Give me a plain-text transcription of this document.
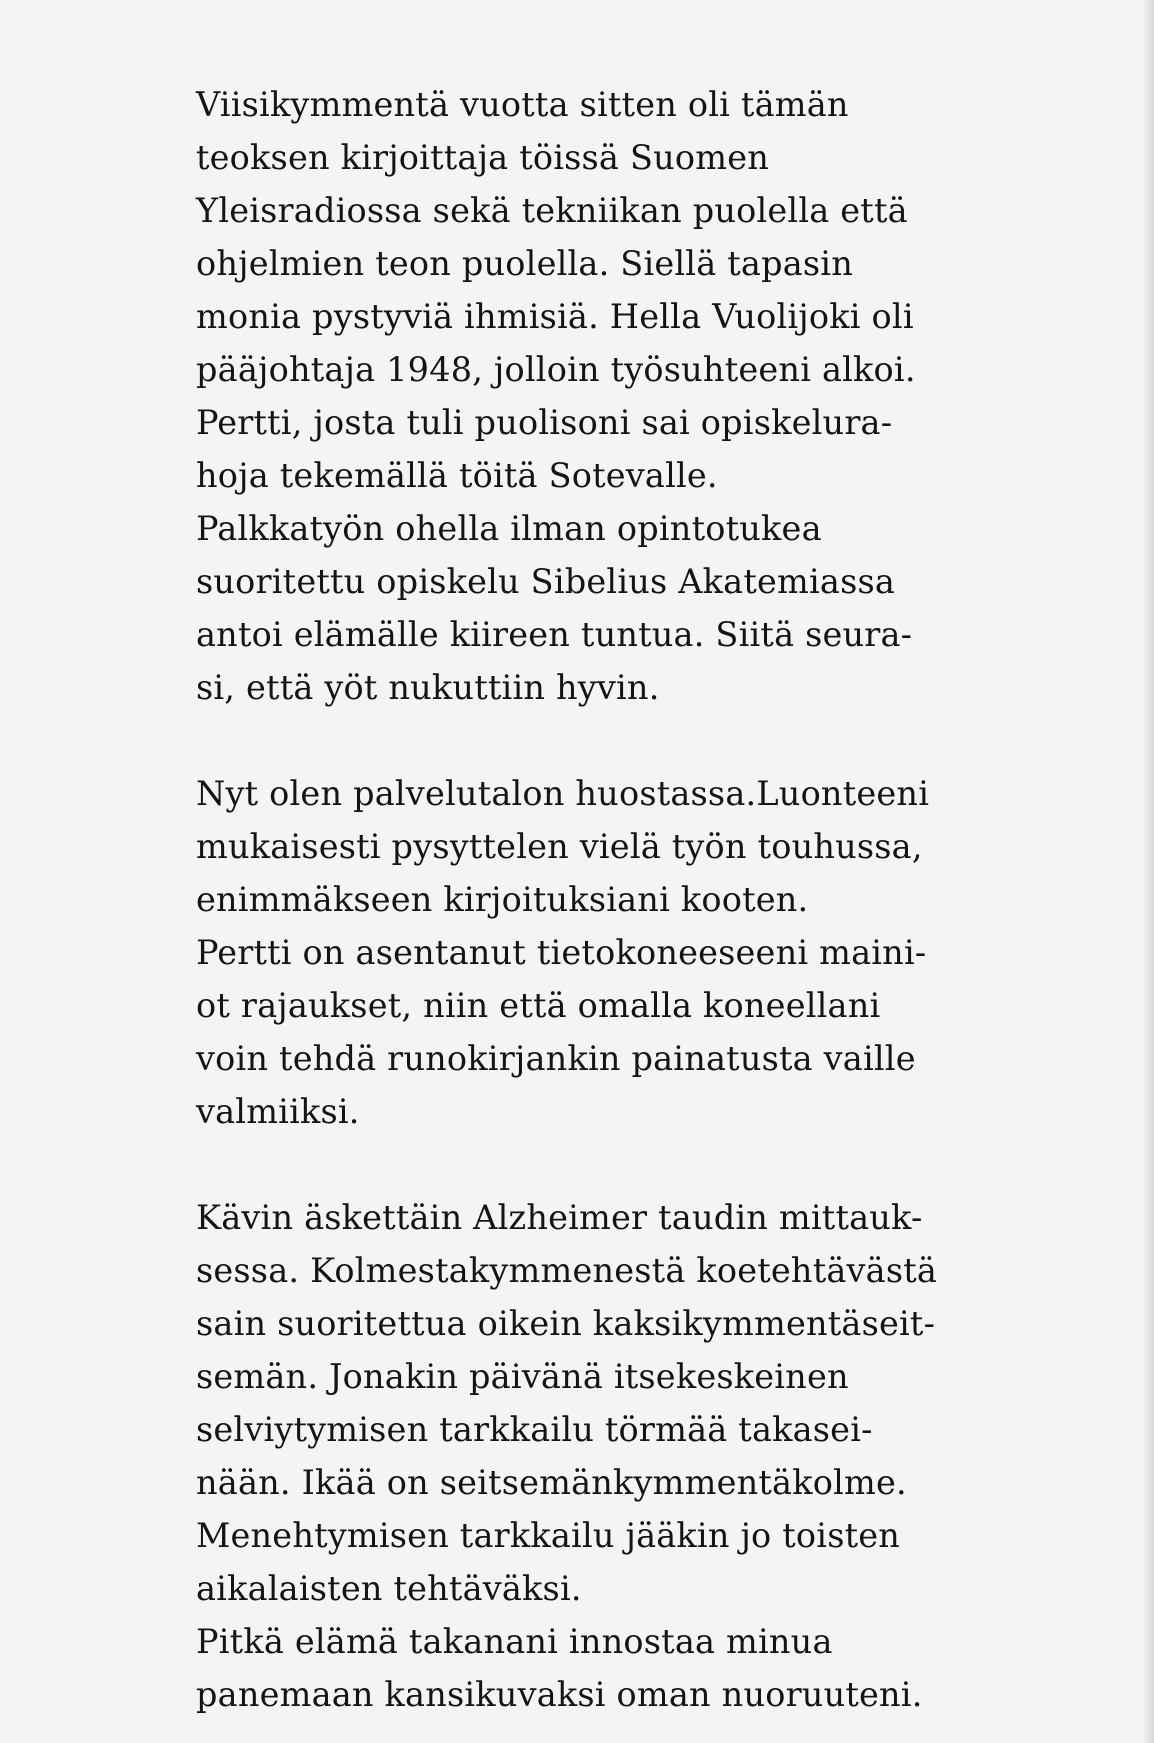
Viisikymmentä vuotta sitten oli tämän
teoksen kirjoittaja töissä Suomen
Yleisradiossa sekä tekniikan puolella että
ohjelmien teon puolella. Siellä tapasin
monia pystyviä ihmisiä. Hella Vuolijoki oli
pääjohtaja 1948, jolloin työsuhteeni alkoi.
Pertti, josta tuli puolisoni sai opiskelura-
hoja tekemällä töitä Sotevalle.
Palkkatyön ohella ilman opintotukea
suoritettu opiskelu Sibelius Akatemiassa
antoi elämälle kiireen tuntua. Siitä seura-
si, että yöt nukuttiin hyvin.
Nyt olen palvelutalon huostassa.Luonteeni
mukaisesti pysyttelen vielä työn touhussa,
enimmäkseen kirjoituksiani kooten.
Pertti on asentanut tietokoneeseeni maini-
ot rajaukset, niin että omalla koneellani
voin tehdä runokirjankin painatusta vaille
valmiiksi.
Kävin äskettäin Alzheimer taudin mittauk-
sessa. Kolmestakymmenestä koetehtävästä
sain suoritettua oikein kaksikymmentäseit-
semän. Jonakin päivänä itsekeskeinen
selviytymisen tarkkailu törmää takasei-
nään. Ikää on seitsemänkymmentäkolme.
Menehtymisen tarkkailu jääkin jo toisten
aikalaisten tehtäväksi.
Pitkä elämä takanani innostaa minua
panemaan kansikuvaksi oman nuoruuteni.
